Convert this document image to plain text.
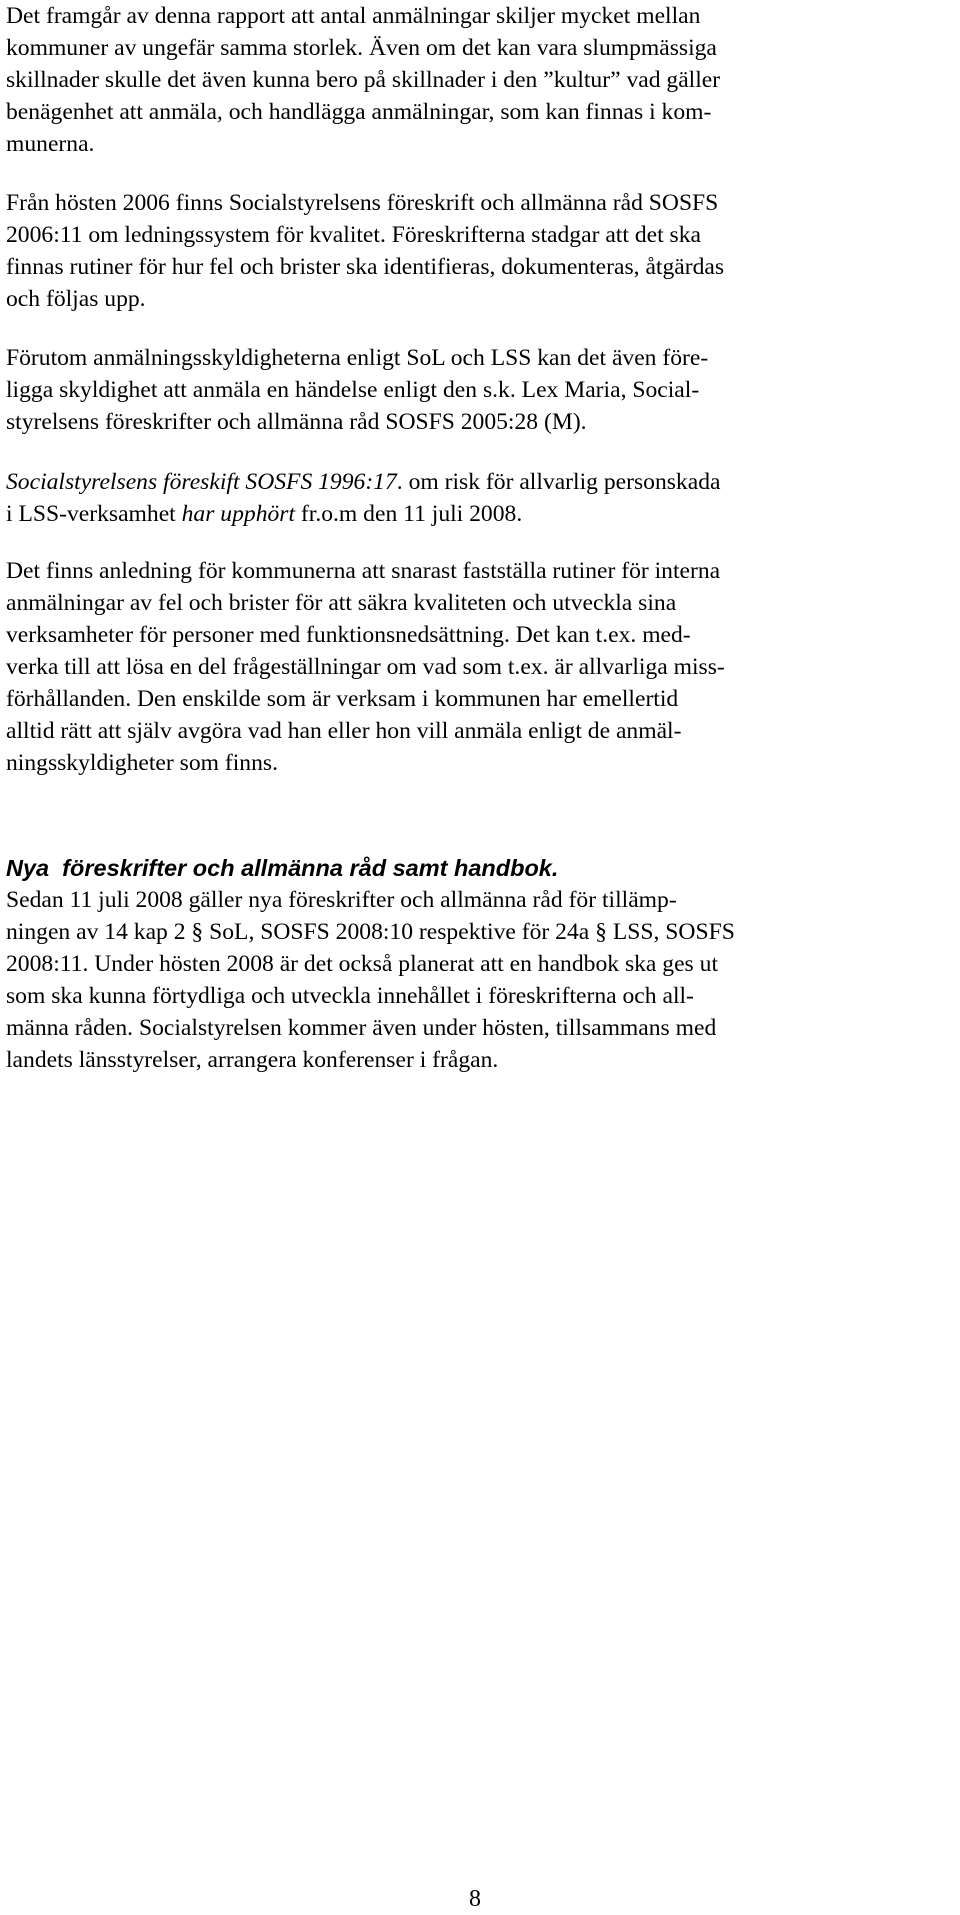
Det framgår av denna rapport att antal anmälningar skiljer mycket mellan
kommuner av ungefär samma storlek. Även om det kan vara slumpmässiga
skillnader skulle det även kunna bero på skillnader i den ”kultur” vad gäller
benägenhet att anmäla, och handlägga anmälningar, som kan finnas i kom-
munerna.
Från hösten 2006 finns Socialstyrelsens föreskrift och allmänna råd SOSFS
2006:11 om ledningssystem för kvalitet. Föreskrifterna stadgar att det ska
finnas rutiner för hur fel och brister ska identifieras, dokumenteras, åtgärdas
och följas upp.
Förutom anmälningsskyldigheterna enligt SoL och LSS kan det även före-
ligga skyldighet att anmäla en händelse enligt den s.k. Lex Maria, Social-
styrelsens föreskrifter och allmänna råd SOSFS 2005:28 (M).
Socialstyrelsens föreskift SOSFS 1996:17. om risk för allvarlig personskada
i LSS-verksamhet har upphört fr.o.m den 11 juli 2008.
Det finns anledning för kommunerna att snarast fastställa rutiner för interna
anmälningar av fel och brister för att säkra kvaliteten och utveckla sina
verksamheter för personer med funktionsnedsättning. Det kan t.ex. med-
verka till att lösa en del frågeställningar om vad som t.ex. är allvarliga miss-
förhållanden. Den enskilde som är verksam i kommunen har emellertid
alltid rätt att själv avgöra vad han eller hon vill anmäla enligt de anmäl-
ningsskyldigheter som finns.
Nya  föreskrifter och allmänna råd samt handbok.
Sedan 11 juli 2008 gäller nya föreskrifter och allmänna råd för tillämp-
ningen av 14 kap 2 § SoL, SOSFS 2008:10 respektive för 24a § LSS, SOSFS
2008:11. Under hösten 2008 är det också planerat att en handbok ska ges ut
som ska kunna förtydliga och utveckla innehållet i föreskrifterna och all-
männa råden. Socialstyrelsen kommer även under hösten, tillsammans med
landets länsstyrelser, arrangera konferenser i frågan.
8
